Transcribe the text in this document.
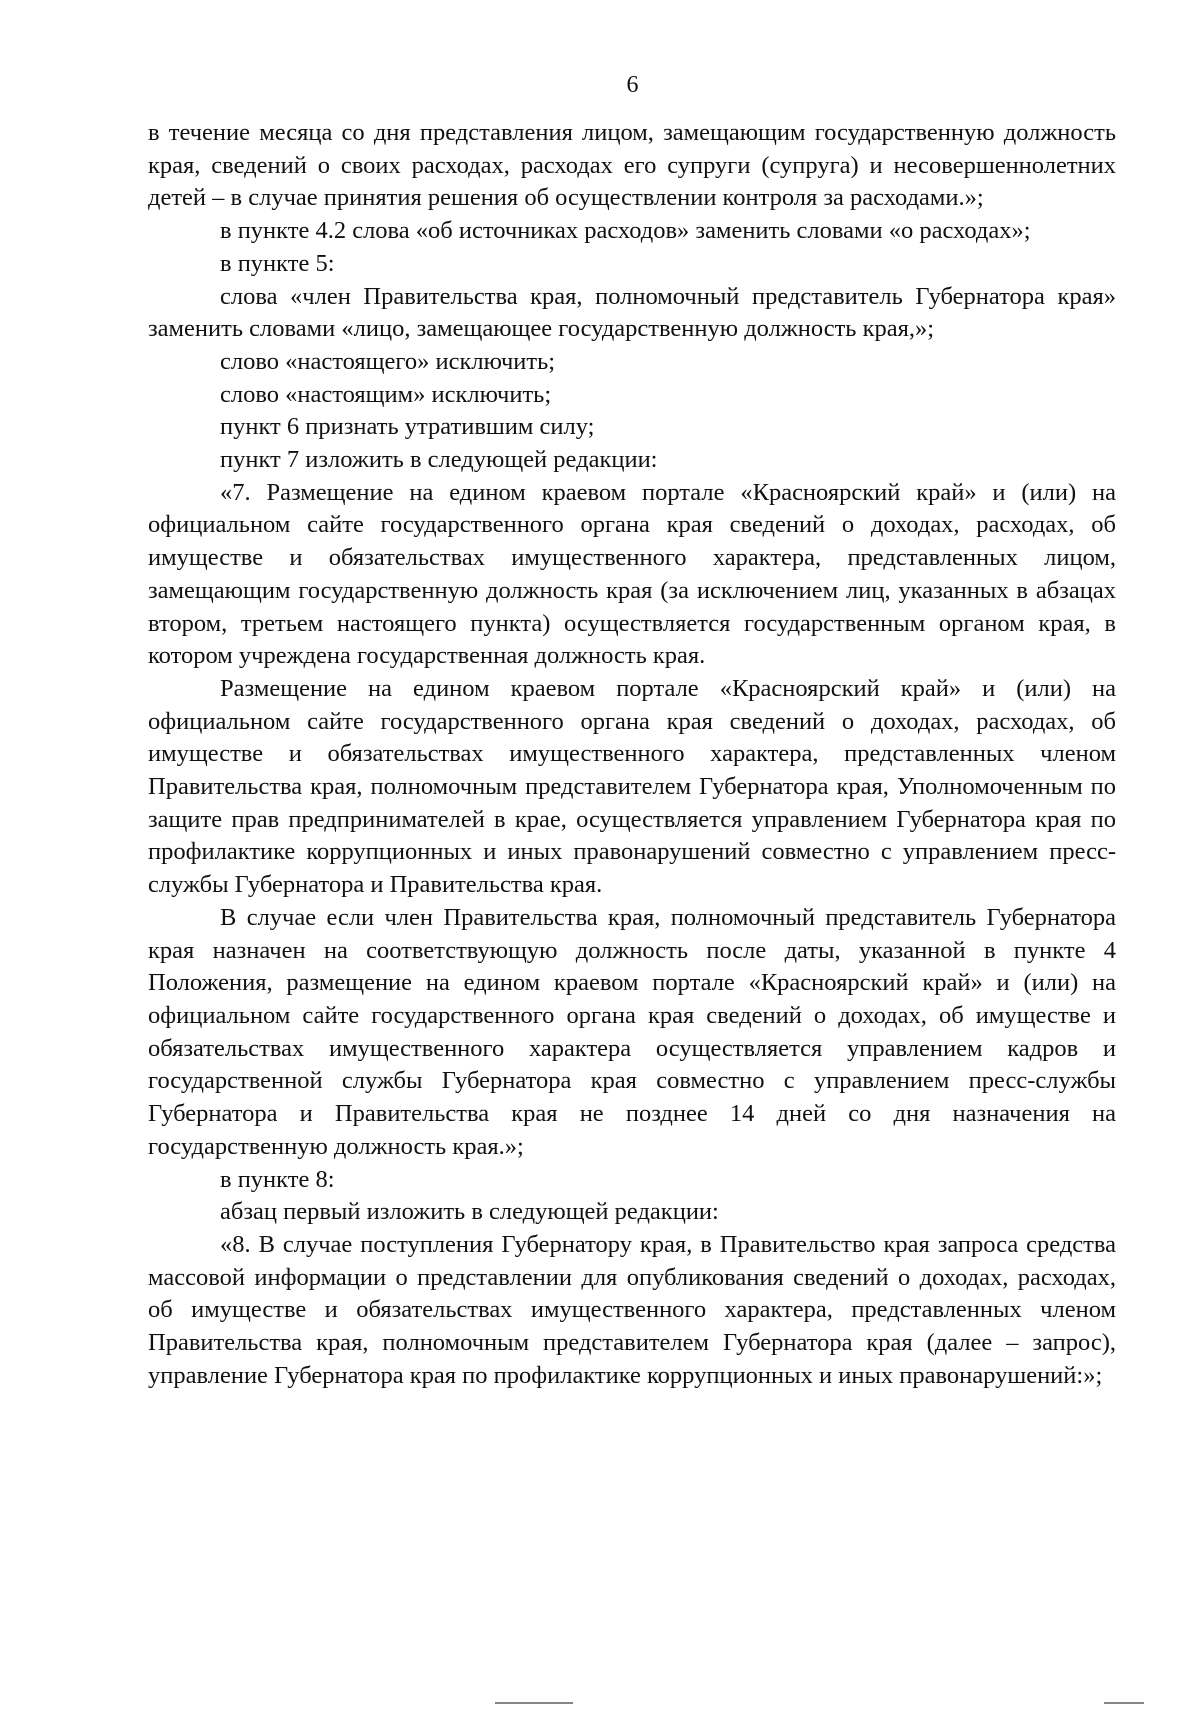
6

в течение месяца со дня представления лицом, замещающим государственную должность края, сведений о своих расходах, расходах его супруги (супруга) и несовершеннолетних детей – в случае принятия решения об осуществлении контроля за расходами.»;

в пункте 4.2 слова «об источниках расходов» заменить словами «о расходах»;

в пункте 5:

слова «член Правительства края, полномочный представитель Губернатора края» заменить словами «лицо, замещающее государственную должность края,»;

слово «настоящего» исключить;

слово «настоящим» исключить;

пункт 6 признать утратившим силу;

пункт 7 изложить в следующей редакции:

«7. Размещение на едином краевом портале «Красноярский край» и (или) на официальном сайте государственного органа края сведений о доходах, расходах, об имуществе и обязательствах имущественного характера, представленных лицом, замещающим государственную должность края (за исключением лиц, указанных в абзацах втором, третьем настоящего пункта) осуществляется государственным органом края, в котором учреждена государственная должность края.

Размещение на едином краевом портале «Красноярский край» и (или) на официальном сайте государственного органа края сведений о доходах, расходах, об имуществе и обязательствах имущественного характера, представленных членом Правительства края, полномочным представителем Губернатора края, Уполномоченным по защите прав предпринимателей в крае, осуществляется управлением Губернатора края по профилактике коррупционных и иных правонарушений совместно с управлением пресс-службы Губернатора и Правительства края.

В случае если член Правительства края, полномочный представитель Губернатора края назначен на соответствующую должность после даты, указанной в пункте 4 Положения, размещение на едином краевом портале «Красноярский край» и (или) на официальном сайте государственного органа края сведений о доходах, об имуществе и обязательствах имущественного характера осуществляется управлением кадров и государственной службы Губернатора края совместно с управлением пресс-службы Губернатора и Правительства края не позднее 14 дней со дня назначения на государственную должность края.»;

в пункте 8:

абзац первый изложить в следующей редакции:

«8. В случае поступления Губернатору края, в Правительство края запроса средства массовой информации о представлении для опубликования сведений о доходах, расходах, об имуществе и обязательствах имущественного характера, представленных членом Правительства края, полномочным представителем Губернатора края (далее – запрос), управление Губернатора края по профилактике коррупционных и иных правонарушений:»;
